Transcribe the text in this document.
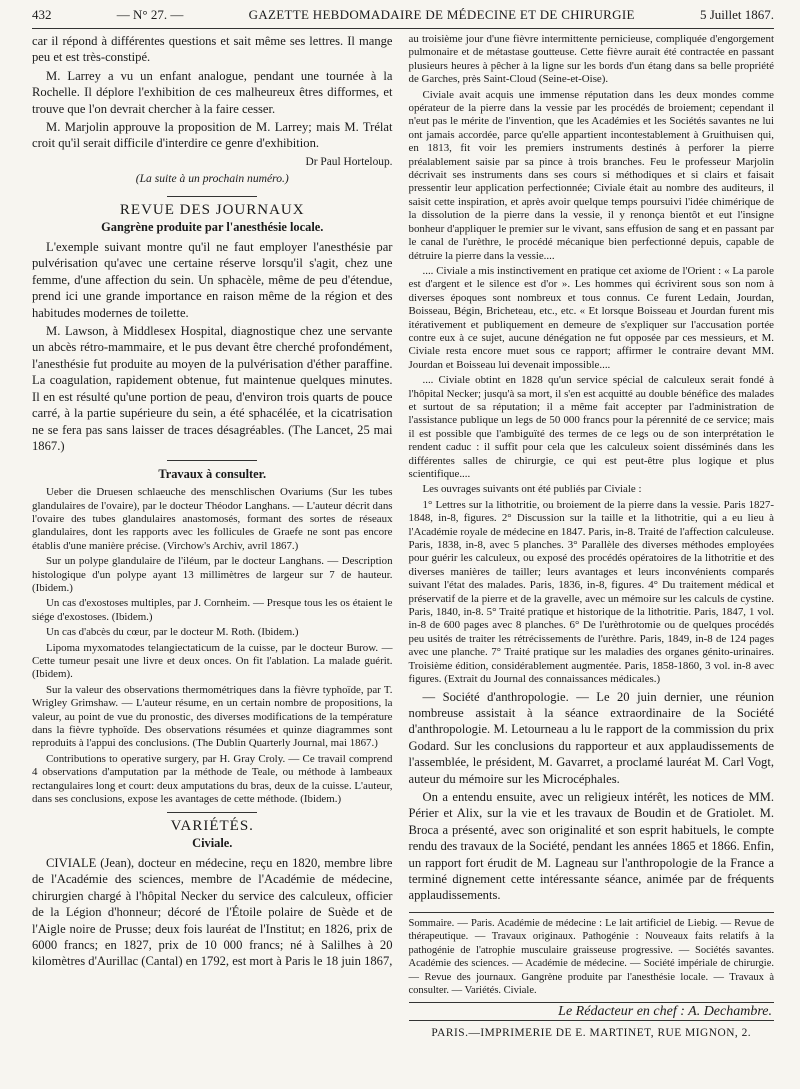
432	— N° 27. —	GAZETTE HEBDOMADAIRE DE MÉDECINE ET DE CHIRURGIE	5 Juillet 1867.

car il répond à différentes questions et sait même ses lettres. Il mange peu et est très-constipé.

M. Larrey a vu un enfant analogue, pendant une tournée à la Rochelle. Il déplore l'exhibition de ces malheureux êtres difformes, et trouve que l'on devrait chercher à la faire cesser.

M. Marjolin approuve la proposition de M. Larrey; mais M. Trélat croit qu'il serait difficile d'interdire ce genre d'exhibition.

Dr Paul Horteloup.
(La suite à un prochain numéro.)
REVUE DES JOURNAUX
Gangrène produite par l'anesthésie locale.

L'exemple suivant montre qu'il ne faut employer l'anesthésie par pulvérisation qu'avec une certaine réserve lorsqu'il s'agit, chez une femme, d'une affection du sein. Un sphacèle, même de peu d'étendue, prend ici une grande importance en raison même de la région et des habitudes modernes de toilette.

M. Lawson, à Middlesex Hospital, diagnostique chez une servante un abcès rétro-mammaire, et le pus devant être cherché profondément, l'anesthésie fut produite au moyen de la pulvérisation d'éther paraffine. La coagulation, rapidement obtenue, fut maintenue quelques minutes. Il en est résulté qu'une portion de peau, d'environ trois quarts de pouce carré, à la partie supérieure du sein, a été sphacélée, et la cicatrisation ne se fera pas sans laisser de traces désagréables. (The Lancet, 25 mai 1867.)

Travaux à consulter.

Ueber die Druesen schlaeuche des menschlischen Ovariums (Sur les tubes glandulaires de l'ovaire), par le docteur Théodor Langhans. — L'auteur décrit dans l'ovaire des tubes glandulaires anastomosés, formant des sortes de réseaux glandulaires, dont les rapports avec les follicules de Graefe ne sont pas encore établis d'une manière précise. (Virchow's Archiv, avril 1867.)

Sur un polype glandulaire de l'iléum, par le docteur Langhans. — Description histologique d'un polype ayant 13 millimètres de largeur sur 7 de hauteur. (Ibidem.)

Un cas d'exostoses multiples, par J. Cornheim. — Presque tous les os étaient le siége d'exostoses. (Ibidem.)

Un cas d'abcès du cœur, par le docteur M. Roth. (Ibidem.)

Lipoma myxomatodes telangiectaticum de la cuisse, par le docteur Burow. — Cette tumeur pesait une livre et deux onces. On fit l'ablation. La malade guérit. (Ibidem).

Sur la valeur des observations thermométriques dans la fièvre typhoïde, par T. Wrigley Grimshaw. — L'auteur résume, en un certain nombre de propositions, la valeur, au point de vue du pronostic, des diverses modifications de la température dans la fièvre typhoïde. Des observations résumées et quinze diagrammes sont reproduits à l'appui des conclusions. (The Dublin Quarterly Journal, mai 1867.)

Contributions to operative surgery, par H. Gray Croly. — Ce travail comprend 4 observations d'amputation par la méthode de Teale, ou méthode à lambeaux rectangulaires long et court: deux amputations du bras, deux de la cuisse. L'auteur, dans ses conclusions, expose les avantages de cette méthode. (Ibidem.)

VARIÉTÉS.
Civiale.

CIVIALE (Jean), docteur en médecine, reçu en 1820, membre libre de l'Académie des sciences, membre de l'Académie de médecine, chirurgien chargé à l'hôpital Necker du service des calculeux, officier de la Légion d'honneur; décoré de l'Étoile polaire de Suède et de l'Aigle noire de Prusse; deux fois lauréat de l'Institut; en 1826, prix de 6000 francs; en 1827, prix de 10 000 francs; né à Salilhes à 20 kilomètres d'Aurillac (Cantal) en 1792, est mort à Paris le 18 juin 1867,

au troisième jour d'une fièvre intermittente pernicieuse, compliquée d'engorgement pulmonaire et de métastase goutteuse. Cette fièvre aurait été contractée en passant plusieurs heures à pêcher à la ligne sur les bords d'un étang dans sa belle propriété de Garches, près Saint-Cloud (Seine-et-Oise).

Civiale avait acquis une immense réputation dans les deux mondes comme opérateur de la pierre dans la vessie par les procédés de broiement; cependant il n'eut pas le mérite de l'invention, que les Académies et les Sociétés savantes ne lui ont jamais accordée, parce qu'elle appartient incontestablement à Gruithuisen qui, en 1813, fit voir les premiers instruments destinés à perforer la pierre préalablement saisie par sa pince à trois branches. Feu le professeur Marjolin décrivait ses instruments dans ses cours si méthodiques et si clairs et faisait pressentir leur application perfectionnée; Civiale était au nombre des auditeurs, il saisit cette inspiration, et après avoir quelque temps poursuivi l'idée chimérique de la dissolution de la pierre dans la vessie, il y renonça bientôt et eut l'insigne bonheur d'appliquer le premier sur le vivant, sans effusion de sang et en passant par le canal de l'urèthre, le procédé mécanique bien perfectionné depuis, capable de détruire la pierre dans la vessie....

.... Civiale a mis instinctivement en pratique cet axiome de l'Orient : « La parole est d'argent et le silence est d'or ». Les hommes qui écrivirent sous son nom à diverses époques sont nombreux et tous connus. Ce furent Ledain, Jourdan, Boisseau, Bégin, Bricheteau, etc., etc. « Et lorsque Boisseau et Jourdan furent mis itérativement et publiquement en demeure de s'expliquer sur l'accusation portée contre eux à ce sujet, aucune dénégation ne fut opposée par ces messieurs, et M. Civiale resta encore muet sous ce rapport; affirmer le contraire devant MM. Jourdan et Boisseau lui devenait impossible....

.... Civiale obtint en 1828 qu'un service spécial de calculeux serait fondé à l'hôpital Necker; jusqu'à sa mort, il s'en est acquitté au double bénéfice des malades et surtout de sa réputation; il a même fait accepter par l'administration de l'assistance publique un legs de 50 000 francs pour la pérennité de ce service; mais il est possible que l'ambiguïté des termes de ce legs ou de son interprétation le rendent caduc : il suffit pour cela que les calculeux soient disséminés dans les différentes salles de chirurgie, ce qui est peut-être plus logique et plus scientifique....

Les ouvrages suivants ont été publiés par Civiale :

1° Lettres sur la lithotritie, ou broiement de la pierre dans la vessie. Paris 1827-1848, in-8, figures. 2° Discussion sur la taille et la lithotritie, qui a eu lieu à l'Académie royale de médecine en 1847. Paris, in-8. Traité de l'affection calculeuse. Paris, 1838, in-8, avec 5 planches. 3° Parallèle des diverses méthodes employées pour guérir les calculeux, ou exposé des procédés opératoires de la lithotritie et des diverses manières de tailler; leurs avantages et leurs inconvénients comparés suivant l'état des malades. Paris, 1836, in-8, figures. 4° Du traitement médical et préservatif de la pierre et de la gravelle, avec un mémoire sur les calculs de cystine. Paris, 1840, in-8. 5° Traité pratique et historique de la lithotritie. Paris, 1847, 1 vol. in-8 de 600 pages avec 8 planches. 6° De l'urèthrotomie ou de quelques procédés peu usités de traiter les rétrécissements de l'urèthre. Paris, 1849, in-8 de 124 pages avec une planche. 7° Traité pratique sur les maladies des organes génito-urinaires. Troisième édition, considérablement augmentée. Paris, 1858-1860, 3 vol. in-8 avec figures. (Extrait du Journal des connaissances médicales.)

— Société d'anthropologie. — Le 20 juin dernier, une réunion nombreuse assistait à la séance extraordinaire de la Société d'anthropologie. M. Letourneau a lu le rapport de la commission du prix Godard. Sur les conclusions du rapporteur et aux applaudissements de l'assemblée, le président, M. Gavarret, a proclamé lauréat M. Carl Vogt, auteur du mémoire sur les Microcéphales.

On a entendu ensuite, avec un religieux intérêt, les notices de MM. Périer et Alix, sur la vie et les travaux de Boudin et de Gratiolet. M. Broca a présenté, avec son originalité et son esprit habituels, le compte rendu des travaux de la Société, pendant les années 1865 et 1866. Enfin, un rapport fort érudit de M. Lagneau sur l'anthropologie de la France a terminé dignement cette intéressante séance, animée par de fréquents applaudissements.

Sommaire. — Paris. Académie de médecine : Le lait artificiel de Liebig. — Revue de thérapeutique. — Travaux originaux. Pathogénie : Nouveaux faits relatifs à la pathogénie de l'atrophie musculaire graisseuse progressive. — Sociétés savantes. Académie des sciences. — Académie de médecine. — Société impériale de chirurgie. — Revue des journaux. Gangrène produite par l'anesthésie locale. — Travaux à consulter. — Variétés. Civiale.
Le Rédacteur en chef : A. Dechambre.
PARIS.—IMPRIMERIE DE E. MARTINET, RUE MIGNON, 2.
